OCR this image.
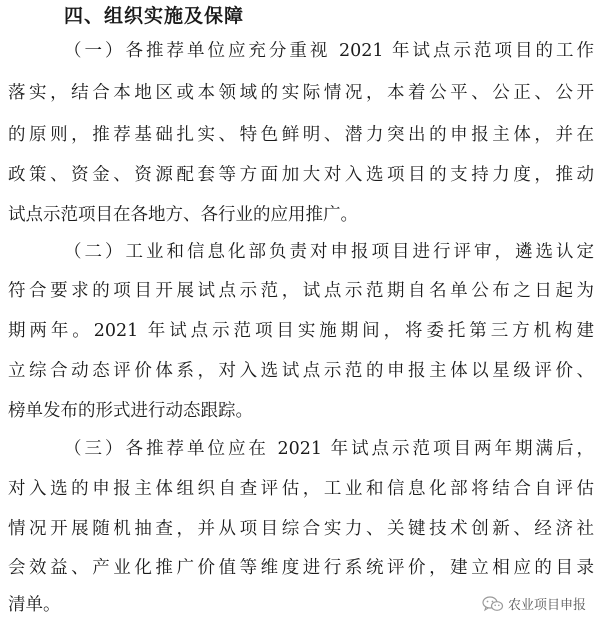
四、组织实施及保障
（一）各推荐单位应充分重视 2021 年试点示范项目的工作
落实，结合本地区或本领域的实际情况，本着公平、公正、公开
的原则，推荐基础扎实、特色鲜明、潜力突出的申报主体，并在
政策、资金、资源配套等方面加大对入选项目的支持力度，推动
试点示范项目在各地方、各行业的应用推广。
（二）工业和信息化部负责对申报项目进行评审，遴选认定
符合要求的项目开展试点示范，试点示范期自名单公布之日起为
期两年。2021 年试点示范项目实施期间，将委托第三方机构建
立综合动态评价体系，对入选试点示范的申报主体以星级评价、
榜单发布的形式进行动态跟踪。
（三）各推荐单位应在 2021 年试点示范项目两年期满后，
对入选的申报主体组织自查评估，工业和信息化部将结合自评估
情况开展随机抽查，并从项目综合实力、关键技术创新、经济社
会效益、产业化推广价值等维度进行系统评价，建立相应的目录
清单。	农业项目申报
